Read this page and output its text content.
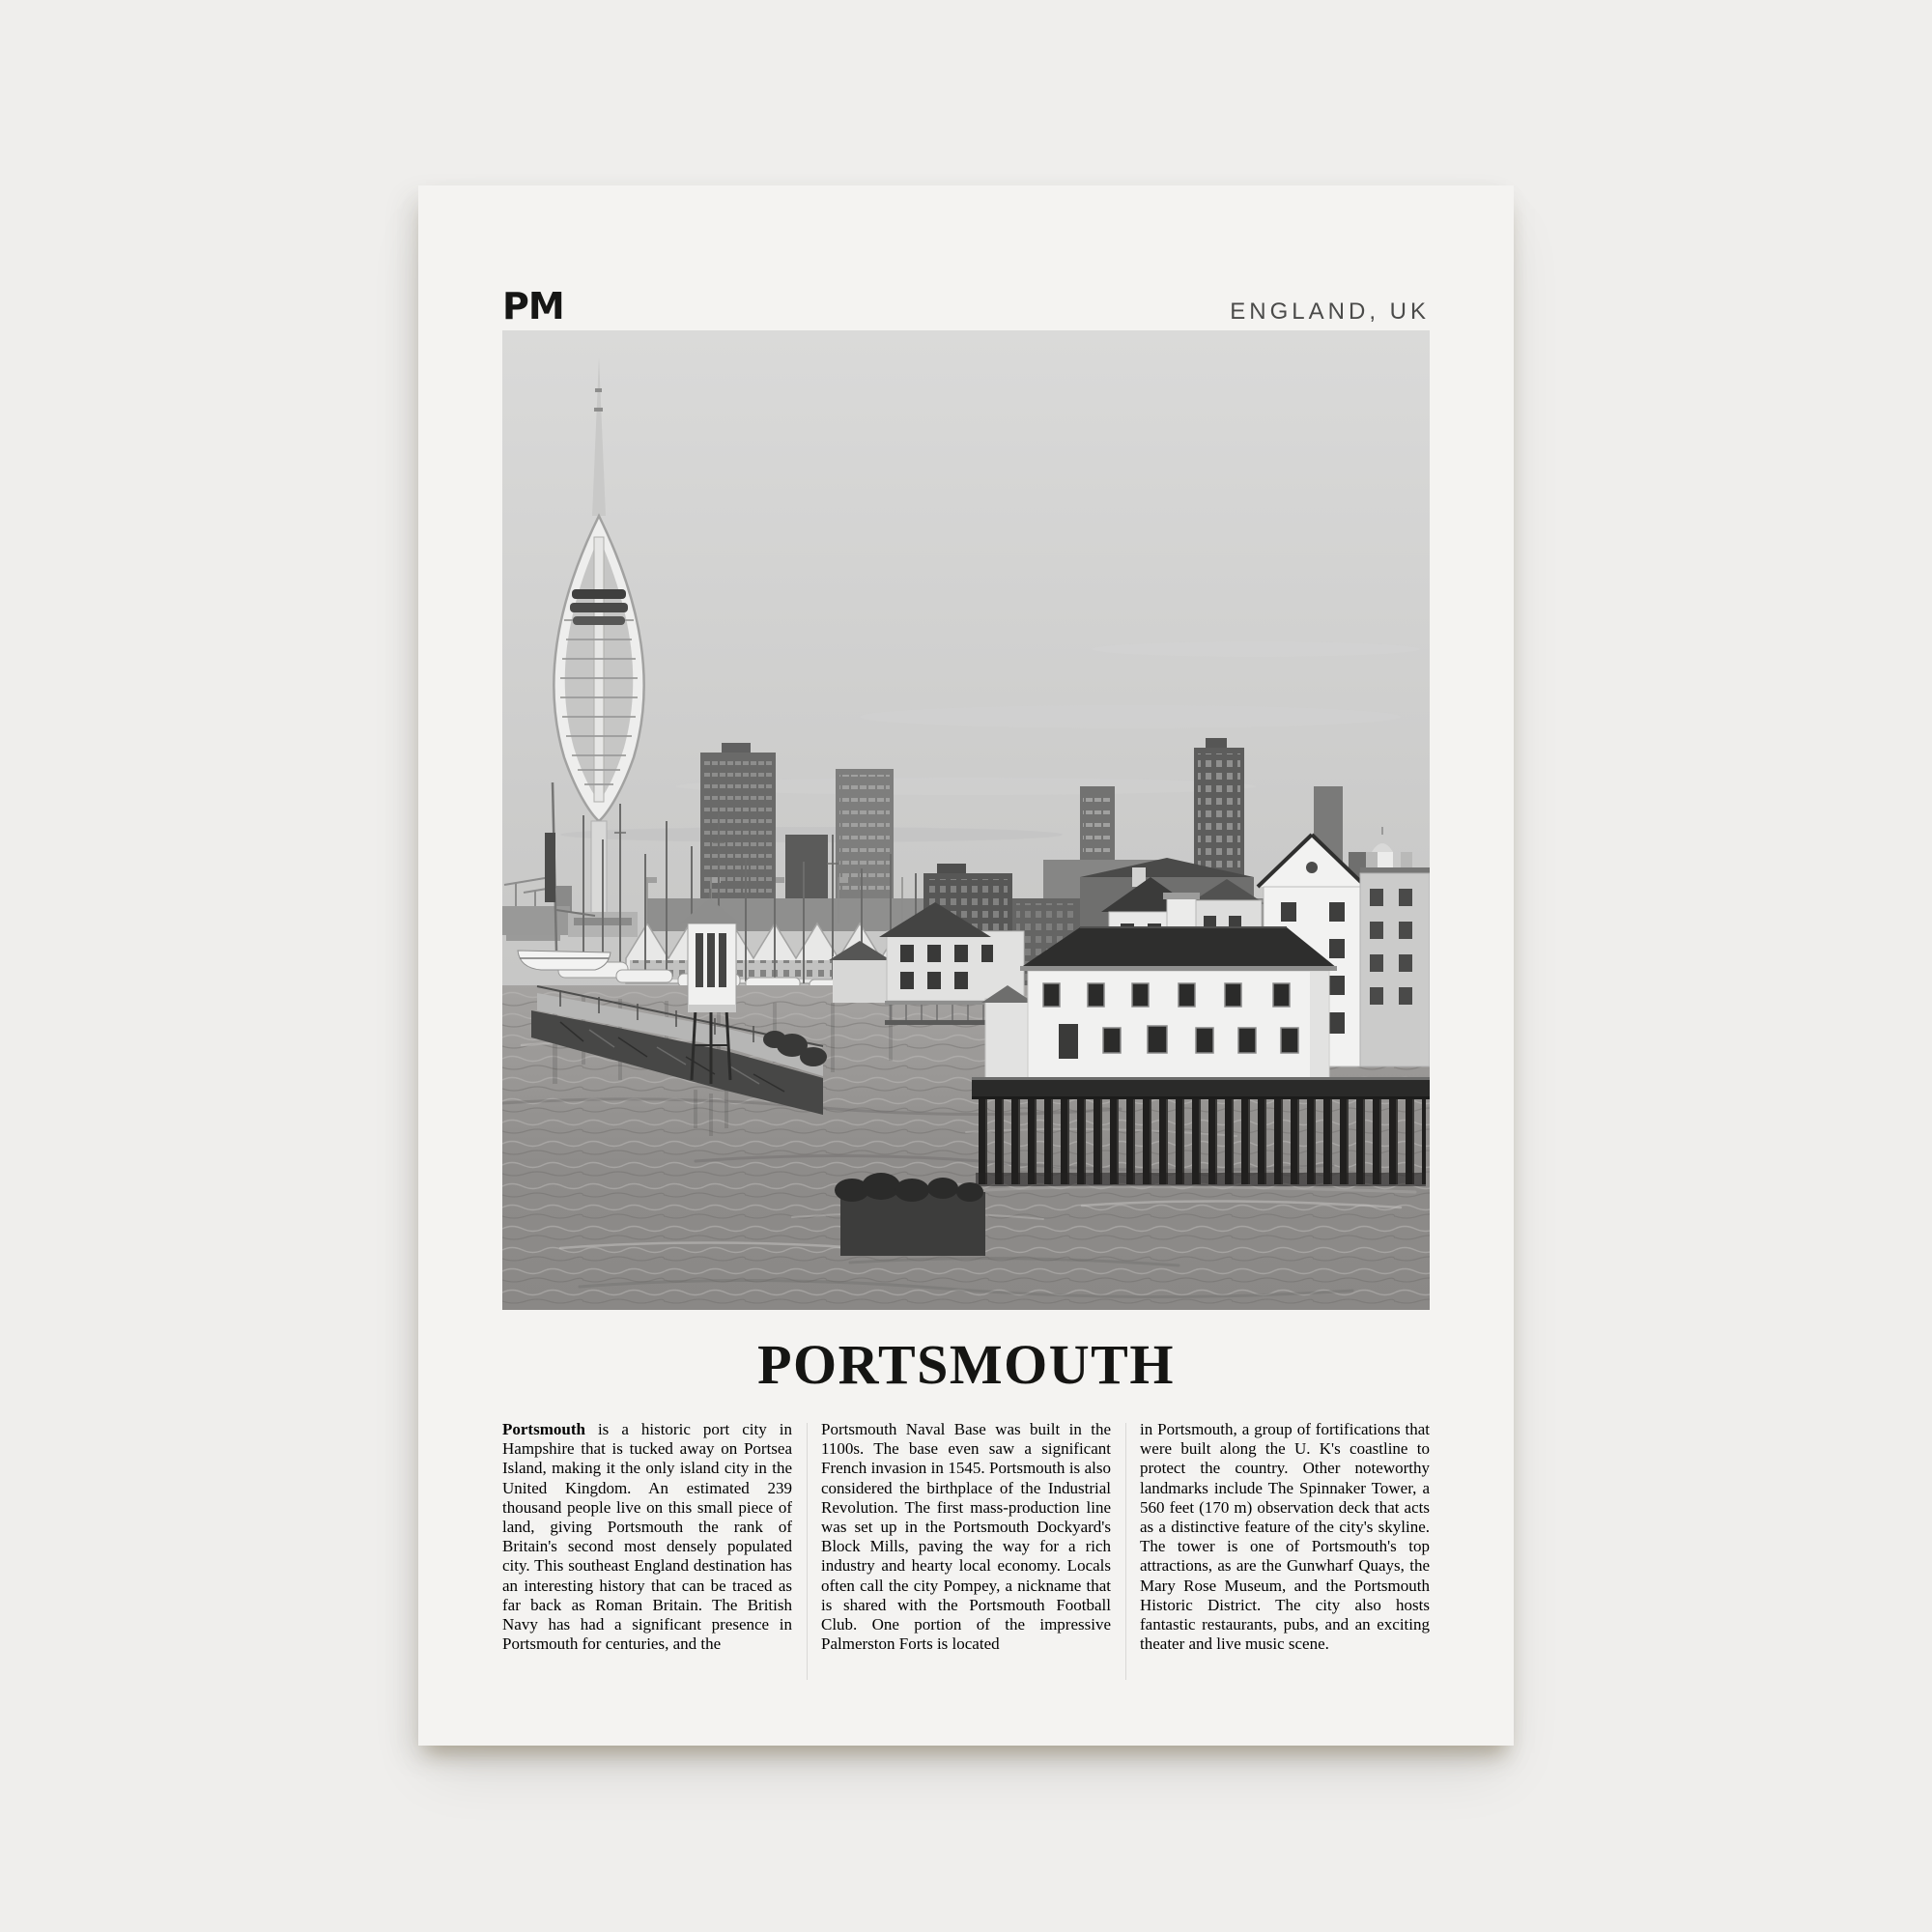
PM	ENGLAND, UK
PORTSMOUTH

Portsmouth is a historic port city in Hampshire that is tucked away on Portsea Island, making it the only island city in the United Kingdom. An estimated 239 thousand people live on this small piece of land, giving Portsmouth the rank of Britain's second most densely populated city. This southeast England destination has an interesting history that can be traced as far back as Roman Britain. The British Navy has had a significant presence in Portsmouth for centuries, and the

Portsmouth Naval Base was built in the 1100s. The base even saw a significant French invasion in 1545. Portsmouth is also considered the birthplace of the Industrial Revolution. The first mass-production line was set up in the Portsmouth Dockyard's Block Mills, paving the way for a rich industry and hearty local economy. Locals often call the city Pompey, a nickname that is shared with the Portsmouth Football Club. One portion of the impressive Palmerston Forts is located

in Portsmouth, a group of fortifications that were built along the U. K's coastline to protect the country. Other noteworthy landmarks include The Spinnaker Tower, a 560 feet (170 m) observation deck that acts as a distinctive feature of the city's skyline. The tower is one of Portsmouth's top attractions, as are the Gunwharf Quays, the Mary Rose Museum, and the Portsmouth Historic District. The city also hosts fantastic restaurants, pubs, and an exciting theater and live music scene.
